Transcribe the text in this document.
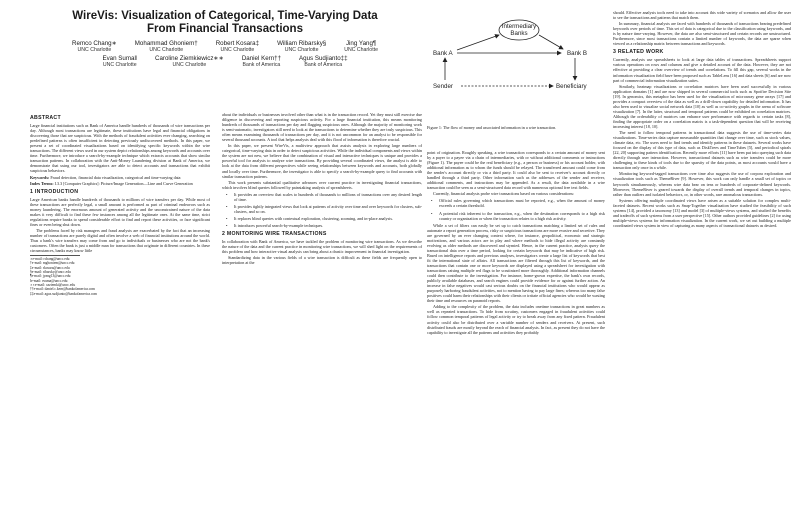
WireVis: Visualization of Categorical, Time-Varying Data
From Financial Transactions
Remco Chang∗
UNC Charlotte
Mohammad Ghoniem†
UNC Charlotte
Robert Kosara‡
UNC Charlotte
William Ribarsky§
UNC Charlotte
Jing Yang¶
UNC Charlotte
Evan Suma‖
UNC Charlotte
Caroline Ziemkiewicz∗∗
UNC Charlotte
Daniel Kern††
Bank of America
Agus Sudjianto‡‡
Bank of America
ABSTRACT

Large financial institutions such as Bank of America handle hundreds of thousands of wire transactions per day. Although most transactions are legitimate, these institutions have legal and financial obligations in discovering those that are suspicious. With the methods of fraudulent activities ever changing, searching on predefined patterns is often insufficient in detecting previously undiscovered methods. In this paper, we present a set of coordinated visualizations based on identifying specific keywords within the wire transactions. The different views used in our system depict relationships among keywords and accounts over time. Furthermore, we introduce a search-by-example technique which extracts accounts that show similar transaction patterns. In collaboration with the Anti-Money Laundering division at Bank of America, we demonstrate that using our tool, investigators are able to detect accounts and transactions that exhibit suspicious behaviors.

Keywords: Fraud detection, financial data visualization, categorical and time-varying data

Index Terms: I.3.3 [Computer Graphics]: Picture/Image Generation—Line and Curve Generation

1 INTRODUCTION

Large American banks handle hundreds of thousands to millions of wire transfers per day. While most of these transactions are perfectly legal, a small amount is performed as part of criminal endeavors such as money laundering. The enormous amount of generated activity and the unconstrained nature of the data makes it very difficult to find these few instances among all the legitimate ones. At the same time, strict regulations require banks to spend considerable effort to find and report these activities, or face significant fines or even being shut down.

The problems faced by risk managers and fraud analysts are exacerbated by the fact that an increasing number of transactions are purely digital and often involve a web of financial institutions around the world. Thus a bank's wire transfers may come from and go to individuals or businesses who are not the bank's customers. Often the bank is just a middle man for transactions that originate in different countries. In these circumstances, banks may know little

∗e-mail: rchang@uncc.edu

†e-mail: mghoniem@uncc.edu

‡e-mail: rkosara@uncc.edu

§e-mail: ribarsky@uncc.edu

¶e-mail: jyang13@uncc.edu

‖e-mail: esuma@uncc.edu

∗∗e-mail: caziemki@uncc.edu

††e-mail: daniel.c.kern@bankofamerica.com

‡‡e-mail: agus.sudjianto@bankofamerica.com

about the individuals or businesses involved other than what is in the transaction record. Yet they must still exercise due diligence in discovering and reporting suspicious activity. For a large financial institution, this means monitoring hundreds of thousands of transactions per day and flagging suspicious ones. Although the majority of monitoring work is semi-automatic, investigators still need to look at the transactions to determine whether they are truly suspicious. This often means examining thousands of transactions per day, and it is not uncommon for an analyst to be responsible for several thousand accounts. A tool that helps analysts deal with this flood of information is therefore crucial.

In this paper, we present WireVis, a multiview approach that assists analysts in exploring large numbers of categorical, time-varying data in order to detect suspicious activities. While the individual components and views within the system are not new, we believe that the combination of visual and interactive techniques is unique and provides a powerful tool for analysts to analyze wire transactions. By providing several coordinated views, the analyst is able to look at the data from different perspectives while seeing relationships between keywords and accounts, both globally and locally over time. Furthermore, the investigator is able to specify a search-by-example query to find accounts with similar transaction patterns.

This work presents substantial qualitative advances over current practice in investigating financial transactions, which involves blind queries followed by painstaking analysis of spreadsheets.

• It provides an overview that scales to hundreds of thousands to millions of transactions over any desired length of time.
• It provides tightly integrated views that look at patterns of activity over time and over keywords for clusters, sub-clusters, and so on.
• It replaces blind queries with contextual exploration, clustering, zooming, and in-place analysis.
• It introduces powerful search-by-example techniques.
2 MONITORING WIRE TRANSACTIONS

In collaboration with Bank of America, we have tackled the problem of monitoring wire transactions. As we describe the nature of the data and the current practice in monitoring wire transactions, we will shed light on the requirements of this problem and how interactive visual analysis can bring about a drastic improvement in financial investigation.

Standardizing data in the various fields of a wire transaction is difficult as these fields are frequently open to interpretation at the

Intermediary Banks
Bank A	Bank B
Sender	Beneficiary
Figure 1: The flow of money and associated information in a wire transaction.

point of origination. Roughly speaking, a wire transaction corresponds to a certain amount of money sent by a payer to a payee via a chain of intermediaries, with or without additional comments or instructions (Figure 1). The payee could be the real beneficiary (e.g., a person or business) or his account holder, with additional information as to whom the funds should be relayed. The transferred amount could come from the sender's account directly or via a third party. It could also be sent to receiver's account directly or handled through a third party. Other information such as the addresses of the sender and receiver, additional comments, and instructions may be appended. As a result, the data available in a wire transaction could be seen as a semi-structured data record with numerous optional free text fields.

Currently, financial analysts probe wire transactions based on various considerations:

• Official rules governing which transactions must be reported, e.g., when the amount of money exceeds a certain threshold.
• A potential risk inherent to the transaction, e.g., when the destination corresponds to a high risk country or organization or when the transaction relates to a high risk activity.

While a set of filters can easily be set up to catch transactions matching a limited set of rules and automate a report generation process, risky or suspicious transactions are more evasive and secretive. They are governed by an ever changing context where, for instance, geopolitical, economic and strategic motivations, and various actors are in play and where methods to hide illegal activity are constantly evolving as older methods are discovered and stymied. Hence, in the current practice, analysts query the transactional data over a time period, looking for certain keywords that may be indicative of high risk. Based on intelligence reports and previous analyses, investigators create a large list of keywords that best fit the international state of affairs. All transactions are filtered through this list of keywords, and the transactions that contain one or more keywords are displayed using a spreadsheet for investigation with transactions raising multiple red flags to be scrutinized more thoroughly. Additional information channels could then contribute to the investigation. For instance, home-grown expertise, the bank's own records, publicly available databases, and search engines could provide evidence for or against further action. An increase in false negatives would cast serious doubts on the financial institutions who would appear as purposely harboring fraudulent activities, not to mention having to pay large fines; whereas too many false positives could harm their relationships with their clients or irritate official agencies who would be wasting their time and resources on paranoid reports.

Adding to the complexity of the problem, the data includes onetime transactions in great numbers as well as repeated transactions. To hide from scrutiny, customers engaged in fraudulent activities could follow common temporal patterns of legal activity or try to break away from any fixed pattern. Fraudulent activity could also be distributed over a variable number of senders and receivers. At present, such distributed frauds are mostly beyond the reach of financial analysts. In fact, as present they do not have the capability to investigate all the patterns and activities they probably

should. Effective analysis tools need to take into account this wide variety of scenarios and allow the user to see the transactions and patterns that match them.

In summary, financial analysts are faced with hundreds of thousands of transactions bearing predefined keywords over periods of time. This set of data is categorical due to the classification using keywords, and is by nature time-varying. However, the data are also semi-structured and certain records are unstructured. Furthermore, since most transactions contain a limited number of keywords, the data are sparse when viewed as a relationship matrix between transactions and keywords.

3 RELATED WORK

Currently, analysts use spreadsheets to look at large data tables of transactions. Spreadsheets support various operations on rows and columns and give a detailed account of the data. However, they are not effective at providing a clear overview of trends and correlations. To fill this gap, several works in the information visualization field have been proposed such as TableLens [16] and data sheets [6] and are now part of commercial information visualization suites.

Similarly, heatmap visualizations or correlation matrices have been used successfully in various application domains [1] and are now shipped in several commercial tools such as Spotfire Decision Site [19]. In genomics, this metaphor has been used for the visualization of microarray gene arrays [17] and provides a compact overview of the data as well as a drill-down capability for detailed information. It has also been used to visualize social network data [10] as well as co-activity graphs in the arena of software visualization [7]. In the latter, structural and temporal patterns could be exhibited on correlation matrices. Although the orderability of matrices can enhance user performance with regards to certain tasks [8], finding the appropriate order on a correlation matrix is a task-dependent question that will be receiving increasing interest [18, 10].

The need to follow temporal patterns in transactional data suggests the use of time-series data visualizations. Time-series data capture measurable quantities that change over time, such as stock values, climate data, etc. The users need to find trends and identify patterns in these datasets. Several works have focused on the display of this type of data, such as DiskTrees and TimeTubes [5], and periodical spirals [22, 20] supporting pattern identification. Recently more efforts [11] have been put into querying such data directly through user interaction. However, transactional datasets such as wire transfers could be more challenging to these kinds of tools due to the sparsity of the data points, as most accounts would have a transaction only once in a while.

Monitoring keyword-tagged transactions over time also suggests the use of corpora exploration and visualization tools such as ThemeRiver [9]. However, this work can only handle a small set of topics or keywords simultaneously, whereas wire data bear on tens or hundreds of corporate-defined keywords. Moreover, ThemeRiver is geared towards the display of overall trends and temporal changes in topics, rather than outliers and isolated behaviors, or, in other words, rare anomalous transactions.

Systems offering multiple coordinated views have arisen as a suitable solution for complex multi-faceted datasets. Recent works such as Snap-Together visualization have studied the feasibility of such systems [14], provided a taxonomy [13] and model [3] of multiple-views systems, and studied the benefits and tradeoffs of such systems from a user perspective [15]. Other authors provided guidelines [2] for using multiple-views systems for information visualization. In the current work, we set out building a multiple coordinated views system in view of capturing as many aspects of transactional datasets as desired.
